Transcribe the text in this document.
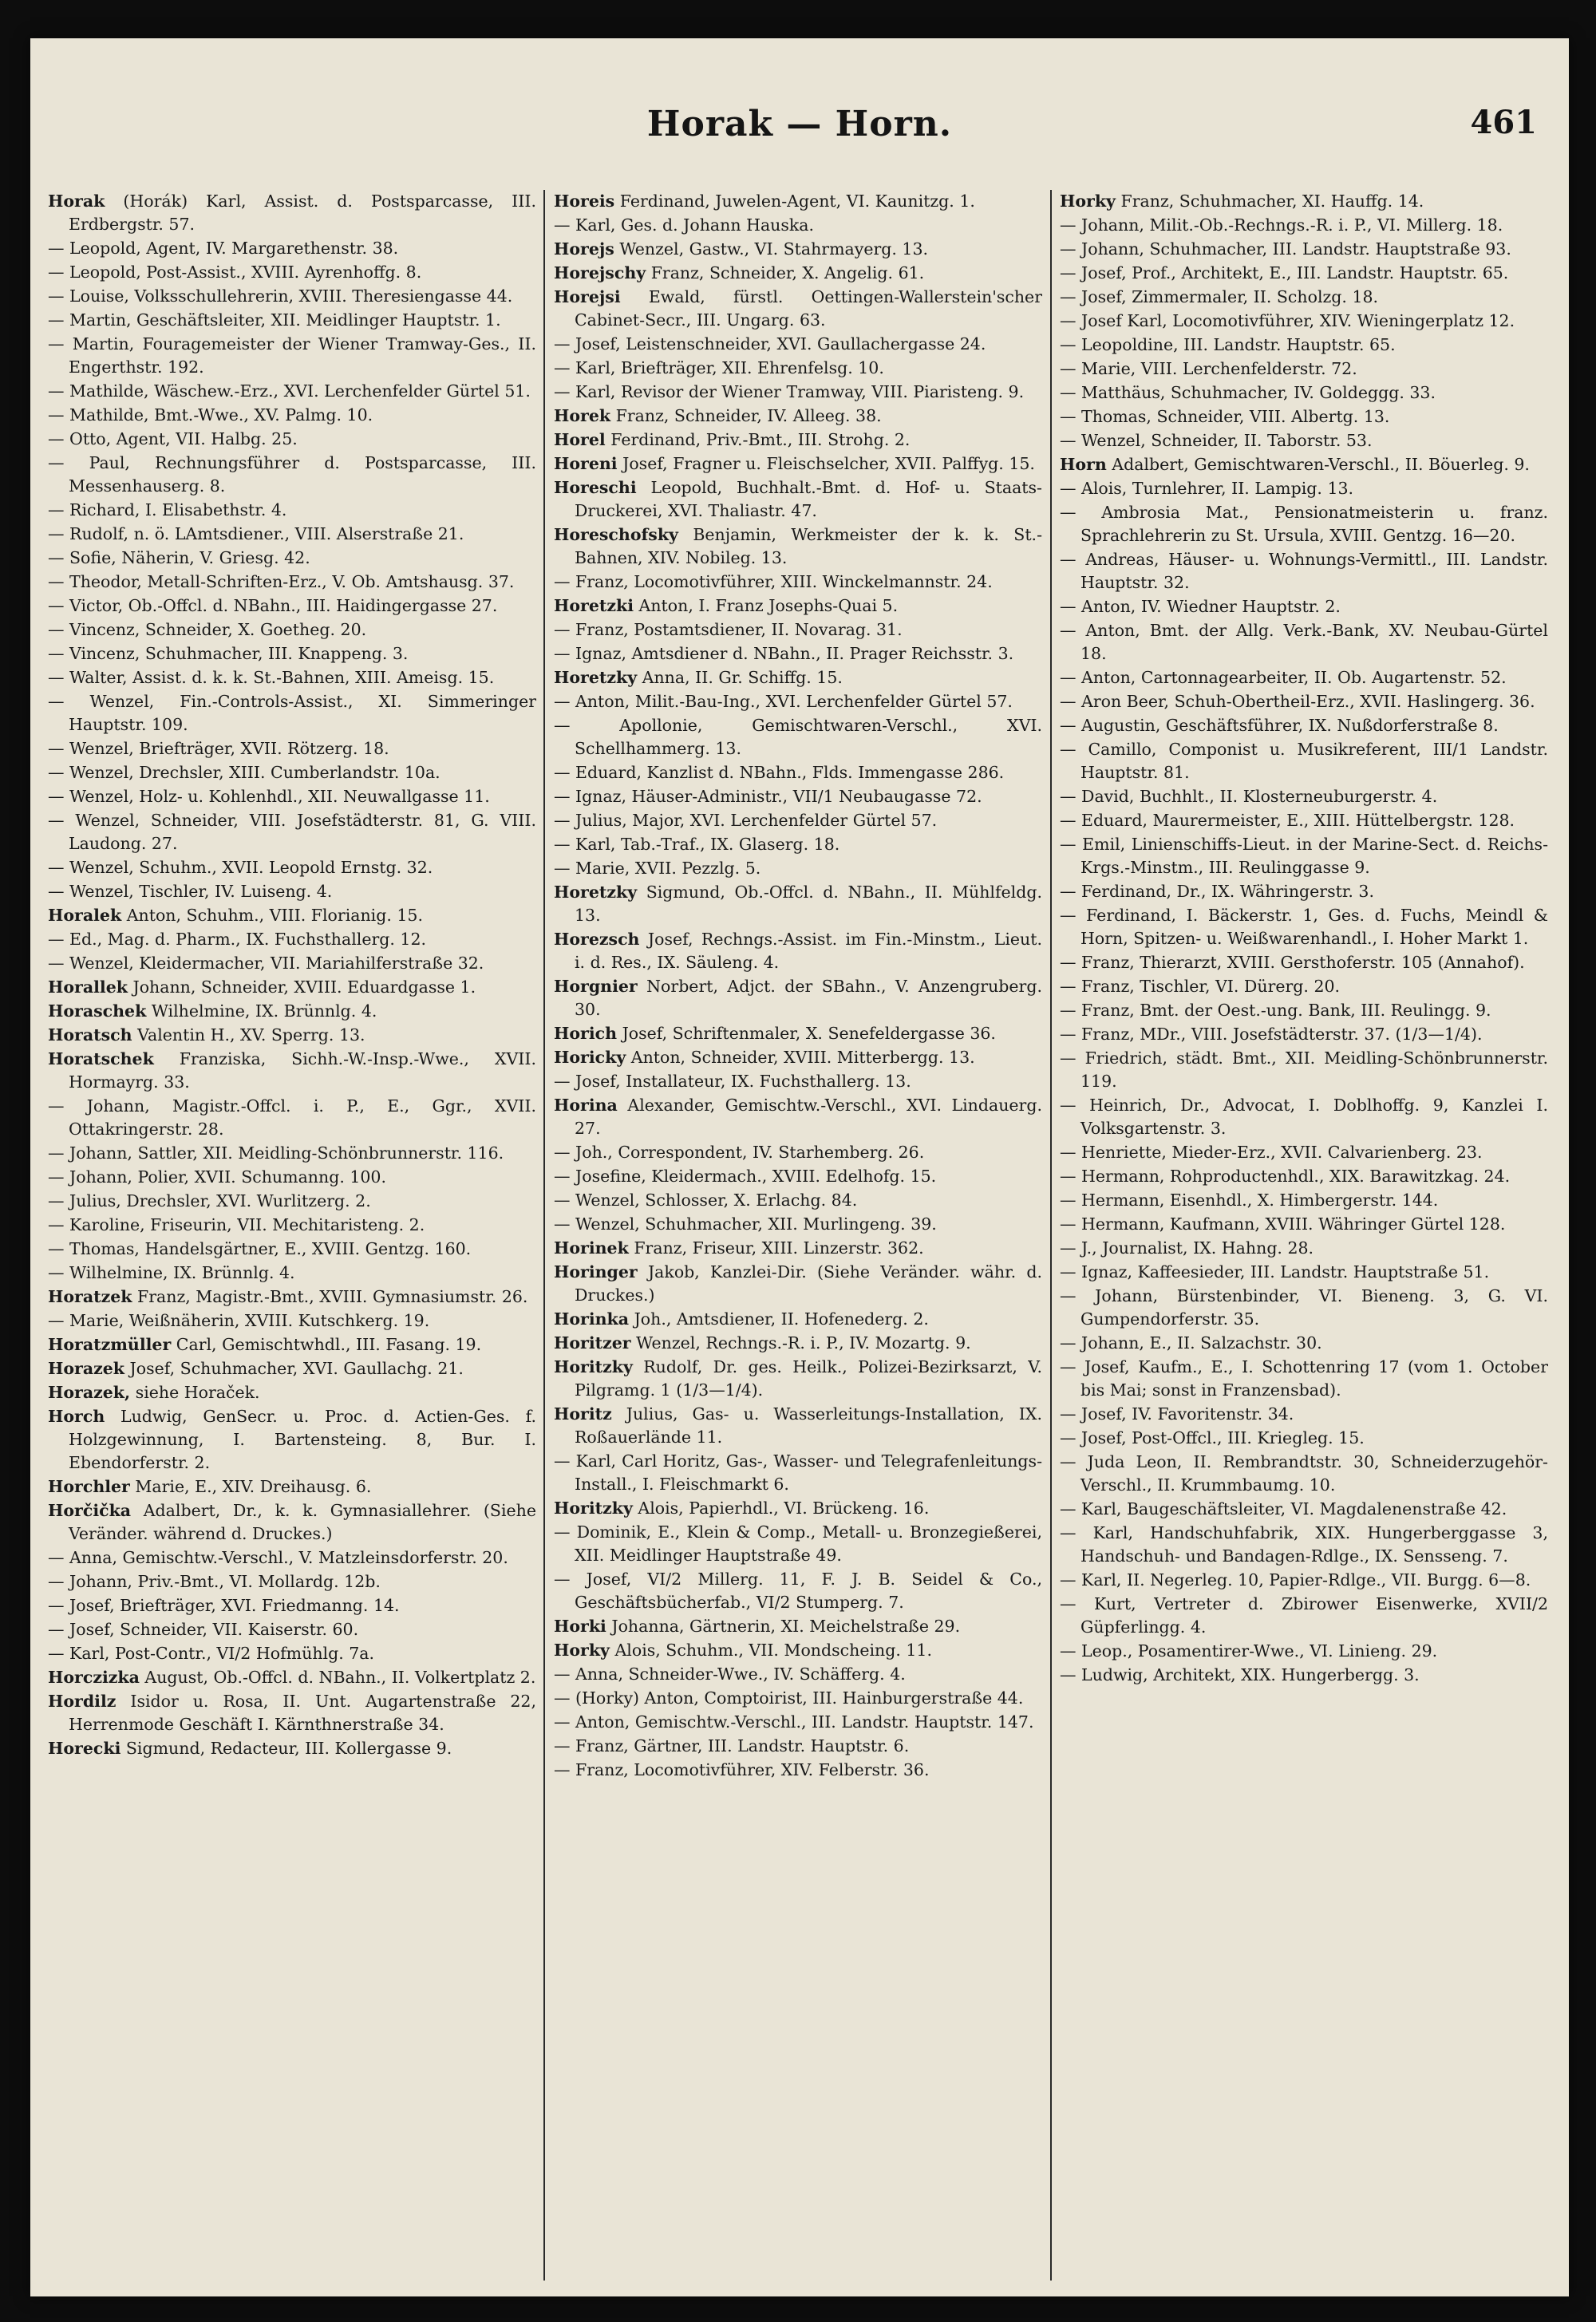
Horak — Horn.	461
Horak (Horák) Karl, Assist. d. Postsparcasse, III. Erdbergstr. 57.
— Leopold, Agent, IV. Margarethenstr. 38.
— Leopold, Post-Assist., XVIII. Ayrenhoffg. 8.
— Louise, Volksschullehrerin, XVIII. Theresiengasse 44.
— Martin, Geschäftsleiter, XII. Meidlinger Hauptstr. 1.
— Martin, Fouragemeister der Wiener Tramway-Ges., II. Engerthstr. 192.
— Mathilde, Wäschew.-Erz., XVI. Lerchenfelder Gürtel 51.
— Mathilde, Bmt.-Wwe., XV. Palmg. 10.
— Otto, Agent, VII. Halbg. 25.
— Paul, Rechnungsführer d. Postsparcasse, III. Messenhauserg. 8.
— Richard, I. Elisabethstr. 4.
— Rudolf, n. ö. LAmtsdiener., VIII. Alserstraße 21.
— Sofie, Näherin, V. Griesg. 42.
— Theodor, Metall-Schriften-Erz., V. Ob. Amtshausg. 37.
— Victor, Ob.-Offcl. d. NBahn., III. Haidingergasse 27.
— Vincenz, Schneider, X. Goetheg. 20.
— Vincenz, Schuhmacher, III. Knappeng. 3.
— Walter, Assist. d. k. k. St.-Bahnen, XIII. Ameisg. 15.
— Wenzel, Fin.-Controls-Assist., XI. Simmeringer Hauptstr. 109.
— Wenzel, Briefträger, XVII. Rötzerg. 18.
— Wenzel, Drechsler, XIII. Cumberlandstr. 10a.
— Wenzel, Holz- u. Kohlenhdl., XII. Neuwallgasse 11.
— Wenzel, Schneider, VIII. Josefstädterstr. 81, G. VIII. Laudong. 27.
— Wenzel, Schuhm., XVII. Leopold Ernstg. 32.
— Wenzel, Tischler, IV. Luiseng. 4.
Horalek Anton, Schuhm., VIII. Florianig. 15.
— Ed., Mag. d. Pharm., IX. Fuchsthallerg. 12.
— Wenzel, Kleidermacher, VII. Mariahilferstraße 32.
Horallek Johann, Schneider, XVIII. Eduardgasse 1.
Horaschek Wilhelmine, IX. Brünnlg. 4.
Horatsch Valentin H., XV. Sperrg. 13.
Horatschek Franziska, Sichh.-W.-Insp.-Wwe., XVII. Hormayrg. 33.
— Johann, Magistr.-Offcl. i. P., E., Ggr., XVII. Ottakringerstr. 28.
— Johann, Sattler, XII. Meidling-Schönbrunnerstr. 116.
— Johann, Polier, XVII. Schumanng. 100.
— Julius, Drechsler, XVI. Wurlitzerg. 2.
— Karoline, Friseurin, VII. Mechitaristeng. 2.
— Thomas, Handelsgärtner, E., XVIII. Gentzg. 160.
— Wilhelmine, IX. Brünnlg. 4.
Horatzek Franz, Magistr.-Bmt., XVIII. Gymnasiumstr. 26.
— Marie, Weißnäherin, XVIII. Kutschkerg. 19.
Horatzmüller Carl, Gemischtwhdl., III. Fasang. 19.
Horazek Josef, Schuhmacher, XVI. Gaullachg. 21.
Horazek, siehe Horaček.
Horch Ludwig, GenSecr. u. Proc. d. Actien-Ges. f. Holzgewinnung, I. Bartensteing. 8, Bur. I. Ebendorferstr. 2.
Horchler Marie, E., XIV. Dreihausg. 6.
Horčička Adalbert, Dr., k. k. Gymnasiallehrer. (Siehe Veränder. während d. Druckes.)
— Anna, Gemischtw.-Verschl., V. Matzleinsdorferstr. 20.
— Johann, Priv.-Bmt., VI. Mollardg. 12b.
— Josef, Briefträger, XVI. Friedmanng. 14.
— Josef, Schneider, VII. Kaiserstr. 60.
— Karl, Post-Contr., VI/2 Hofmühlg. 7a.
Horczizka August, Ob.-Offcl. d. NBahn., II. Volkertplatz 2.
Hordilz Isidor u. Rosa, II. Unt. Augartenstraße 22, Herrenmode Geschäft I. Kärnthnerstraße 34.
Horecki Sigmund, Redacteur, III. Kollergasse 9.
Horeis Ferdinand, Juwelen-Agent, VI. Kaunitzg. 1.
— Karl, Ges. d. Johann Hauska.
Horejs Wenzel, Gastw., VI. Stahrmayerg. 13.
Horejschy Franz, Schneider, X. Angelig. 61.
Horejsi Ewald, fürstl. Oettingen-Wallerstein'scher Cabinet-Secr., III. Ungarg. 63.
— Josef, Leistenschneider, XVI. Gaullachergasse 24.
— Karl, Briefträger, XII. Ehrenfelsg. 10.
— Karl, Revisor der Wiener Tramway, VIII. Piaristeng. 9.
Horek Franz, Schneider, IV. Alleeg. 38.
Horel Ferdinand, Priv.-Bmt., III. Strohg. 2.
Horeni Josef, Fragner u. Fleischselcher, XVII. Palffyg. 15.
Horeschi Leopold, Buchhalt.-Bmt. d. Hof- u. Staats-Druckerei, XVI. Thaliastr. 47.
Horeschofsky Benjamin, Werkmeister der k. k. St.-Bahnen, XIV. Nobileg. 13.
— Franz, Locomotivführer, XIII. Winckelmannstr. 24.
Horetzki Anton, I. Franz Josephs-Quai 5.
— Franz, Postamtsdiener, II. Novarag. 31.
— Ignaz, Amtsdiener d. NBahn., II. Prager Reichsstr. 3.
Horetzky Anna, II. Gr. Schiffg. 15.
— Anton, Milit.-Bau-Ing., XVI. Lerchenfelder Gürtel 57.
— Apollonie, Gemischtwaren-Verschl., XVI. Schellhammerg. 13.
— Eduard, Kanzlist d. NBahn., Flds. Immengasse 286.
— Ignaz, Häuser-Administr., VII/1 Neubaugasse 72.
— Julius, Major, XVI. Lerchenfelder Gürtel 57.
— Karl, Tab.-Traf., IX. Glaserg. 18.
— Marie, XVII. Pezzlg. 5.
Horetzky Sigmund, Ob.-Offcl. d. NBahn., II. Mühlfeldg. 13.
Horezsch Josef, Rechngs.-Assist. im Fin.-Minstm., Lieut. i. d. Res., IX. Säuleng. 4.
Horgnier Norbert, Adjct. der SBahn., V. Anzengruberg. 30.
Horich Josef, Schriftenmaler, X. Senefeldergasse 36.
Horicky Anton, Schneider, XVIII. Mitterbergg. 13.
— Josef, Installateur, IX. Fuchsthallerg. 13.
Horina Alexander, Gemischtw.-Verschl., XVI. Lindauerg. 27.
— Joh., Correspondent, IV. Starhemberg. 26.
— Josefine, Kleidermach., XVIII. Edelhofg. 15.
— Wenzel, Schlosser, X. Erlachg. 84.
— Wenzel, Schuhmacher, XII. Murlingeng. 39.
Horinek Franz, Friseur, XIII. Linzerstr. 362.
Horinger Jakob, Kanzlei-Dir. (Siehe Veränder. währ. d. Druckes.)
Horinka Joh., Amtsdiener, II. Hofenederg. 2.
Horitzer Wenzel, Rechngs.-R. i. P., IV. Mozartg. 9.
Horitzky Rudolf, Dr. ges. Heilk., Polizei-Bezirksarzt, V. Pilgramg. 1 (1/3—1/4).
Horitz Julius, Gas- u. Wasserleitungs-Installation, IX. Roßauerlände 11.
— Karl, Carl Horitz, Gas-, Wasser- und Telegrafenleitungs-Install., I. Fleischmarkt 6.
Horitzky Alois, Papierhdl., VI. Brückeng. 16.
— Dominik, E., Klein & Comp., Metall- u. Bronzegießerei, XII. Meidlinger Hauptstraße 49.
— Josef, VI/2 Millerg. 11, F. J. B. Seidel & Co., Geschäftsbücherfab., VI/2 Stumperg. 7.
Horki Johanna, Gärtnerin, XI. Meichelstraße 29.
Horky Alois, Schuhm., VII. Mondscheing. 11.
— Anna, Schneider-Wwe., IV. Schäfferg. 4.
— (Horky) Anton, Comptoirist, III. Hainburgerstraße 44.
— Anton, Gemischtw.-Verschl., III. Landstr. Hauptstr. 147.
— Franz, Gärtner, III. Landstr. Hauptstr. 6.
— Franz, Locomotivführer, XIV. Felberstr. 36.
Horky Franz, Schuhmacher, XI. Hauffg. 14.
— Johann, Milit.-Ob.-Rechngs.-R. i. P., VI. Millerg. 18.
— Johann, Schuhmacher, III. Landstr. Hauptstraße 93.
— Josef, Prof., Architekt, E., III. Landstr. Hauptstr. 65.
— Josef, Zimmermaler, II. Scholzg. 18.
— Josef Karl, Locomotivführer, XIV. Wieningerplatz 12.
— Leopoldine, III. Landstr. Hauptstr. 65.
— Marie, VIII. Lerchenfelderstr. 72.
— Matthäus, Schuhmacher, IV. Goldeggg. 33.
— Thomas, Schneider, VIII. Albertg. 13.
— Wenzel, Schneider, II. Taborstr. 53.
Horn Adalbert, Gemischtwaren-Verschl., II. Böuerleg. 9.
— Alois, Turnlehrer, II. Lampig. 13.
— Ambrosia Mat., Pensionatmeisterin u. franz. Sprachlehrerin zu St. Ursula, XVIII. Gentzg. 16—20.
— Andreas, Häuser- u. Wohnungs-Vermittl., III. Landstr. Hauptstr. 32.
— Anton, IV. Wiedner Hauptstr. 2.
— Anton, Bmt. der Allg. Verk.-Bank, XV. Neubau-Gürtel 18.
— Anton, Cartonnagearbeiter, II. Ob. Augartenstr. 52.
— Aron Beer, Schuh-Obertheil-Erz., XVII. Haslingerg. 36.
— Augustin, Geschäftsführer, IX. Nußdorferstraße 8.
— Camillo, Componist u. Musikreferent, III/1 Landstr. Hauptstr. 81.
— David, Buchhlt., II. Klosterneuburgerstr. 4.
— Eduard, Maurermeister, E., XIII. Hüttelbergstr. 128.
— Emil, Linienschiffs-Lieut. in der Marine-Sect. d. Reichs-Krgs.-Minstm., III. Reulinggasse 9.
— Ferdinand, Dr., IX. Währingerstr. 3.
— Ferdinand, I. Bäckerstr. 1, Ges. d. Fuchs, Meindl & Horn, Spitzen- u. Weißwarenhandl., I. Hoher Markt 1.
— Franz, Thierarzt, XVIII. Gersthoferstr. 105 (Annahof).
— Franz, Tischler, VI. Dürerg. 20.
— Franz, Bmt. der Oest.-ung. Bank, III. Reulingg. 9.
— Franz, MDr., VIII. Josefstädterstr. 37. (1/3—1/4).
— Friedrich, städt. Bmt., XII. Meidling-Schönbrunnerstr. 119.
— Heinrich, Dr., Advocat, I. Doblhoffg. 9, Kanzlei I. Volksgartenstr. 3.
— Henriette, Mieder-Erz., XVII. Calvarienberg. 23.
— Hermann, Rohproductenhdl., XIX. Barawitzkag. 24.
— Hermann, Eisenhdl., X. Himbergerstr. 144.
— Hermann, Kaufmann, XVIII. Währinger Gürtel 128.
— J., Journalist, IX. Hahng. 28.
— Ignaz, Kaffeesieder, III. Landstr. Hauptstraße 51.
— Johann, Bürstenbinder, VI. Bieneng. 3, G. VI. Gumpendorferstr. 35.
— Johann, E., II. Salzachstr. 30.
— Josef, Kaufm., E., I. Schottenring 17 (vom 1. October bis Mai; sonst in Franzensbad).
— Josef, IV. Favoritenstr. 34.
— Josef, Post-Offcl., III. Kriegleg. 15.
— Juda Leon, II. Rembrandtstr. 30, Schneiderzugehör-Verschl., II. Krummbaumg. 10.
— Karl, Baugeschäftsleiter, VI. Magdalenenstraße 42.
— Karl, Handschuhfabrik, XIX. Hungerberggasse 3, Handschuh- und Bandagen-Rdlge., IX. Sensseng. 7.
— Karl, II. Negerleg. 10, Papier-Rdlge., VII. Burgg. 6—8.
— Kurt, Vertreter d. Zbirower Eisenwerke, XVII/2 Güpferlingg. 4.
— Leop., Posamentirer-Wwe., VI. Linieng. 29.
— Ludwig, Architekt, XIX. Hungerbergg. 3.
